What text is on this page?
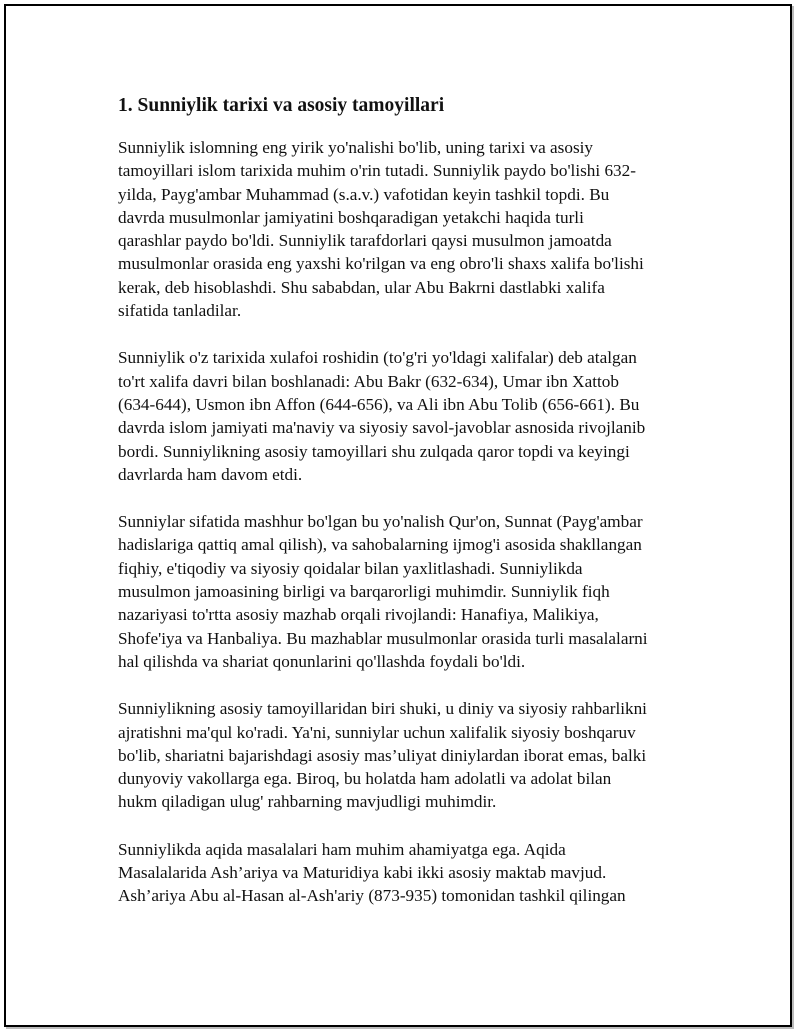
1. Sunniylik tarixi va asosiy tamoyillari

Sunniylik islomning eng yirik yo'nalishi bo'lib, uning tarixi va asosiy
tamoyillari islom tarixida muhim o'rin tutadi. Sunniylik paydo bo'lishi 632-
yilda, Payg'ambar Muhammad (s.a.v.) vafotidan keyin tashkil topdi. Bu
davrda musulmonlar jamiyatini boshqaradigan yetakchi haqida turli
qarashlar paydo bo'ldi. Sunniylik tarafdorlari qaysi musulmon jamoatda
musulmonlar orasida eng yaxshi ko'rilgan va eng obro'li shaxs xalifa bo'lishi
kerak, deb hisoblashdi. Shu sababdan, ular Abu Bakrni dastlabki xalifa
sifatida tanladilar.

Sunniylik o'z tarixida xulafoi roshidin (to'g'ri yo'ldagi xalifalar) deb atalgan
to'rt xalifa davri bilan boshlanadi: Abu Bakr (632-634), Umar ibn Xattob
(634-644), Usmon ibn Affon (644-656), va Ali ibn Abu Tolib (656-661). Bu
davrda islom jamiyati ma'naviy va siyosiy savol-javoblar asnosida rivojlanib
bordi. Sunniylikning asosiy tamoyillari shu zulqada qaror topdi va keyingi
davrlarda ham davom etdi.

Sunniylar sifatida mashhur bo'lgan bu yo'nalish Qur'on, Sunnat (Payg'ambar
hadislariga qattiq amal qilish), va sahobalarning ijmog'i asosida shakllangan
fiqhiy, e'tiqodiy va siyosiy qoidalar bilan yaxlitlashadi. Sunniylikda
musulmon jamoasining birligi va barqarorligi muhimdir. Sunniylik fiqh
nazariyasi to'rtta asosiy mazhab orqali rivojlandi: Hanafiya, Malikiya,
Shofe'iya va Hanbaliya. Bu mazhablar musulmonlar orasida turli masalalarni
hal qilishda va shariat qonunlarini qo'llashda foydali bo'ldi.

Sunniylikning asosiy tamoyillaridan biri shuki, u diniy va siyosiy rahbarlikni
ajratishni ma'qul ko'radi. Ya'ni, sunniylar uchun xalifalik siyosiy boshqaruv
bo'lib, shariatni bajarishdagi asosiy mas’uliyat diniylardan iborat emas, balki
dunyoviy vakollarga ega. Biroq, bu holatda ham adolatli va adolat bilan
hukm qiladigan ulug' rahbarning mavjudligi muhimdir.

Sunniylikda aqida masalalari ham muhim ahamiyatga ega. Aqida
Masalalarida Ash’ariya va Maturidiya kabi ikki asosiy maktab mavjud.
Ash’ariya Abu al-Hasan al-Ash'ariy (873-935) tomonidan tashkil qilingan
